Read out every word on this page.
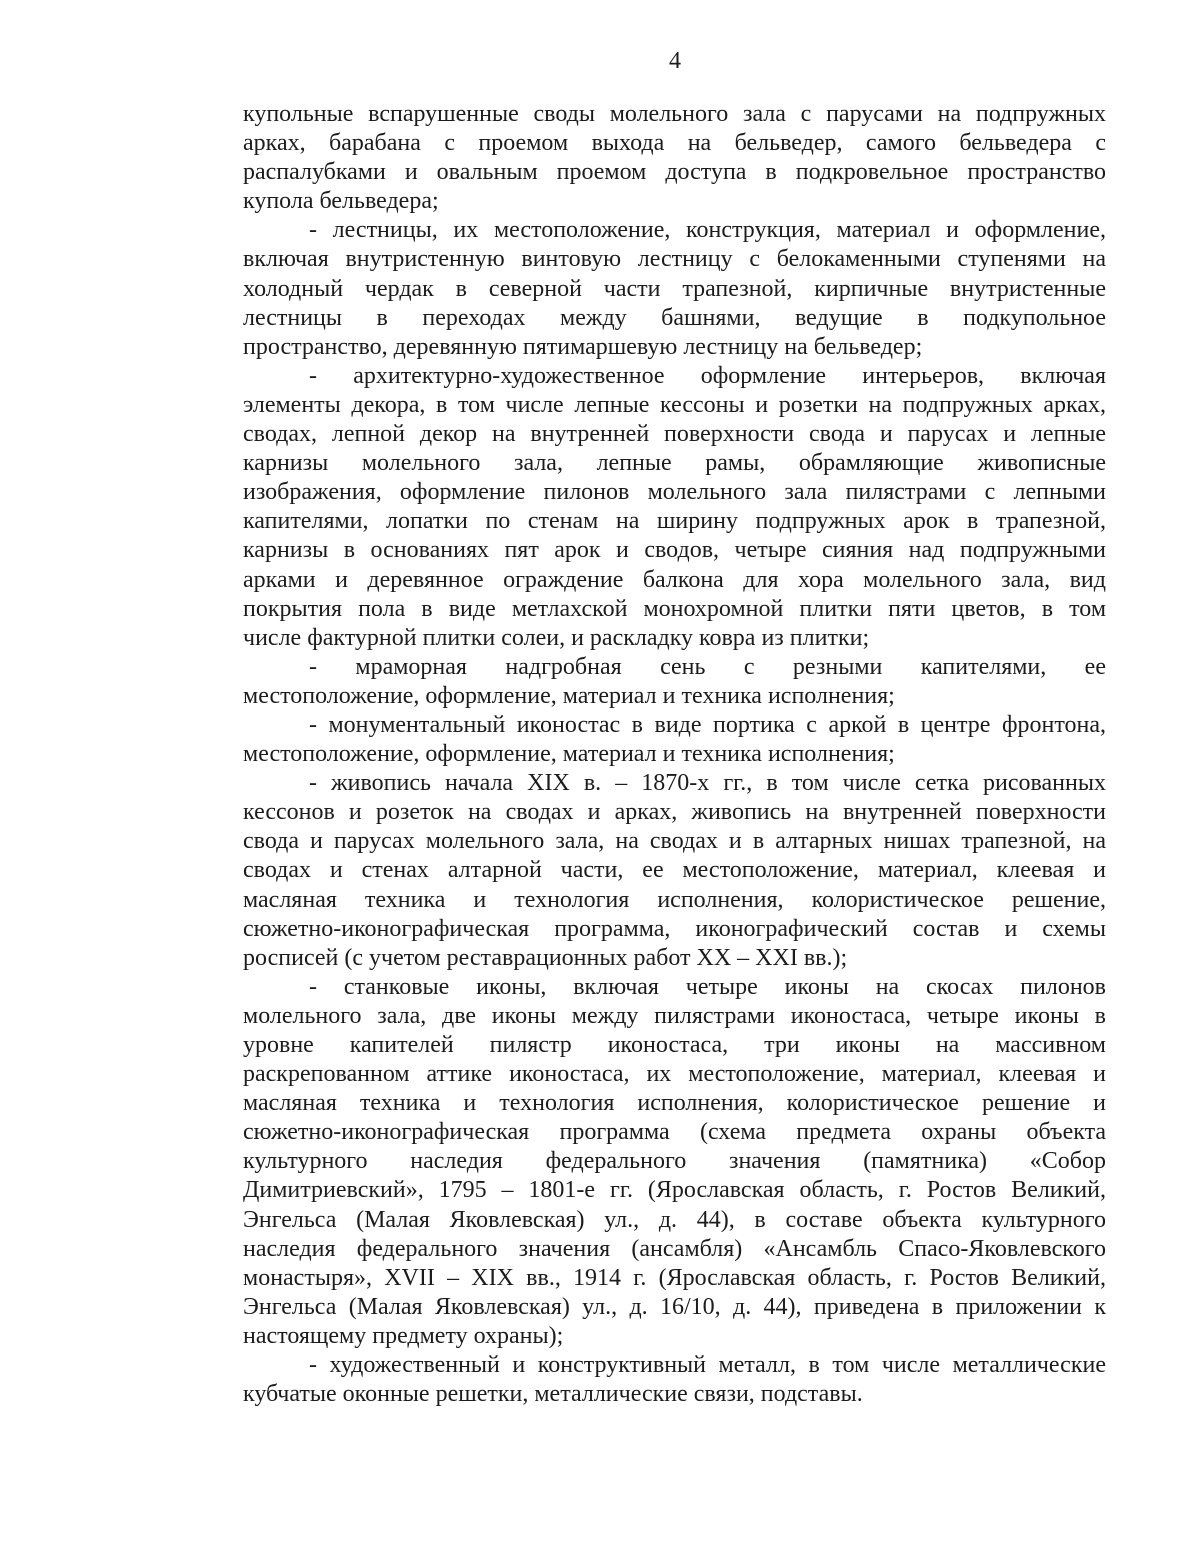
4
купольные вспарушенные своды молельного зала с парусами на подпружных
арках, барабана с проемом выхода на бельведер, самого бельведера с
распалубками и овальным проемом доступа в подкровельное пространство
купола бельведера;
- лестницы, их местоположение, конструкция, материал и оформление,
включая внутристенную винтовую лестницу с белокаменными ступенями на
холодный чердак в северной части трапезной, кирпичные внутристенные
лестницы в переходах между башнями, ведущие в подкупольное
пространство, деревянную пятимаршевую лестницу на бельведер;
- архитектурно-художественное оформление интерьеров, включая
элементы декора, в том числе лепные кессоны и розетки на подпружных арках,
сводах, лепной декор на внутренней поверхности свода и парусах и лепные
карнизы молельного зала, лепные рамы, обрамляющие живописные
изображения, оформление пилонов молельного зала пилястрами с лепными
капителями, лопатки по стенам на ширину подпружных арок в трапезной,
карнизы в основаниях пят арок и сводов, четыре сияния над подпружными
арками и деревянное ограждение балкона для хора молельного зала, вид
покрытия пола в виде метлахской монохромной плитки пяти цветов, в том
числе фактурной плитки солеи, и раскладку ковра из плитки;
- мраморная надгробная сень с резными капителями, ее
местоположение, оформление, материал и техника исполнения;
- монументальный иконостас в виде портика с аркой в центре фронтона,
местоположение, оформление, материал и техника исполнения;
- живопись начала XIX в. – 1870-х гг., в том числе сетка рисованных
кессонов и розеток на сводах и арках, живопись на внутренней поверхности
свода и парусах молельного зала, на сводах и в алтарных нишах трапезной, на
сводах и стенах алтарной части, ее местоположение, материал, клеевая и
масляная техника и технология исполнения, колористическое решение,
сюжетно-иконографическая программа, иконографический состав и схемы
росписей (с учетом реставрационных работ XX – XXI вв.);
- станковые иконы, включая четыре иконы на скосах пилонов
молельного зала, две иконы между пилястрами иконостаса, четыре иконы в
уровне капителей пилястр иконостаса, три иконы на массивном
раскрепованном аттике иконостаса, их местоположение, материал, клеевая и
масляная техника и технология исполнения, колористическое решение и
сюжетно-иконографическая программа (схема предмета охраны объекта
культурного наследия федерального значения (памятника) «Собор
Димитриевский», 1795 – 1801-е гг. (Ярославская область, г. Ростов Великий,
Энгельса (Малая Яковлевская) ул., д. 44), в составе объекта культурного
наследия федерального значения (ансамбля) «Ансамбль Спасо-Яковлевского
монастыря», XVII – XIX вв., 1914 г. (Ярославская область, г. Ростов Великий,
Энгельса (Малая Яковлевская) ул., д. 16/10, д. 44), приведена в приложении к
настоящему предмету охраны);
- художественный и конструктивный металл, в том числе металлические
кубчатые оконные решетки, металлические связи, подставы.
